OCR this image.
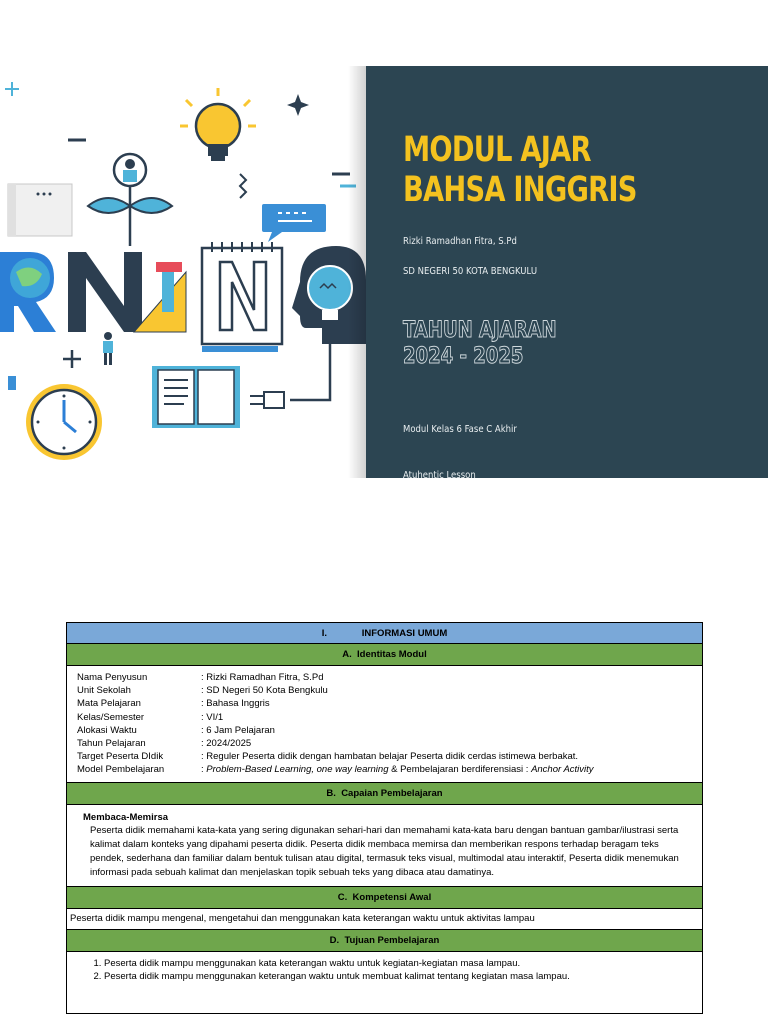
MODUL AJAR
BAHSA INGGRIS
Rizki Ramadhan Fitra, S.Pd
SD NEGERI 50 KOTA BENGKULU
TAHUN AJARAN
2024 - 2025
Modul Kelas 6 Fase C Akhir
Atuhentic Lesson
I.	INFORMASI UMUM
A. Identitas Modul

Nama Penyusun	: Rizki Ramadhan Fitra, S.Pd
Unit Sekolah	: SD Negeri 50 Kota Bengkulu
Mata Pelajaran	: Bahasa Inggris
Kelas/Semester	: VI/1
Alokasi Waktu	: 6 Jam Pelajaran
Tahun Pelajaran	: 2024/2025
Target Peserta DIdik	: Reguler Peserta didik dengan hambatan belajar Peserta didik cerdas istimewa berbakat.
Model Pembelajaran	: Problem-Based Learning, one way learning & Pembelajaran berdiferensiasi : Anchor Activity

B. Capaian Pembelajaran

Membaca-Memirsa

Peserta didik memahami kata-kata yang sering digunakan sehari-hari dan memahami kata-kata baru dengan bantuan gambar/ilustrasi serta kalimat dalam konteks yang dipahami peserta didik. Peserta didik membaca memirsa dan memberikan respons terhadap beragam teks pendek, sederhana dan familiar dalam bentuk tulisan atau digital, termasuk teks visual, multimodal atau interaktif, Peserta didik menemukan informasi pada sebuah kalimat dan menjelaskan topik sebuah teks yang dibaca atau damatinya.

C. Kompetensi Awal
Peserta didik mampu mengenal, mengetahui dan menggunakan kata keterangan waktu untuk aktivitas lampau
D. Tujuan Pembelajaran

1. Peserta didik mampu menggunakan kata keterangan waktu untuk kegiatan-kegiatan masa lampau.
2. Peserta didik mampu menggunakan keterangan waktu untuk membuat kalimat tentang kegiatan masa lampau.
